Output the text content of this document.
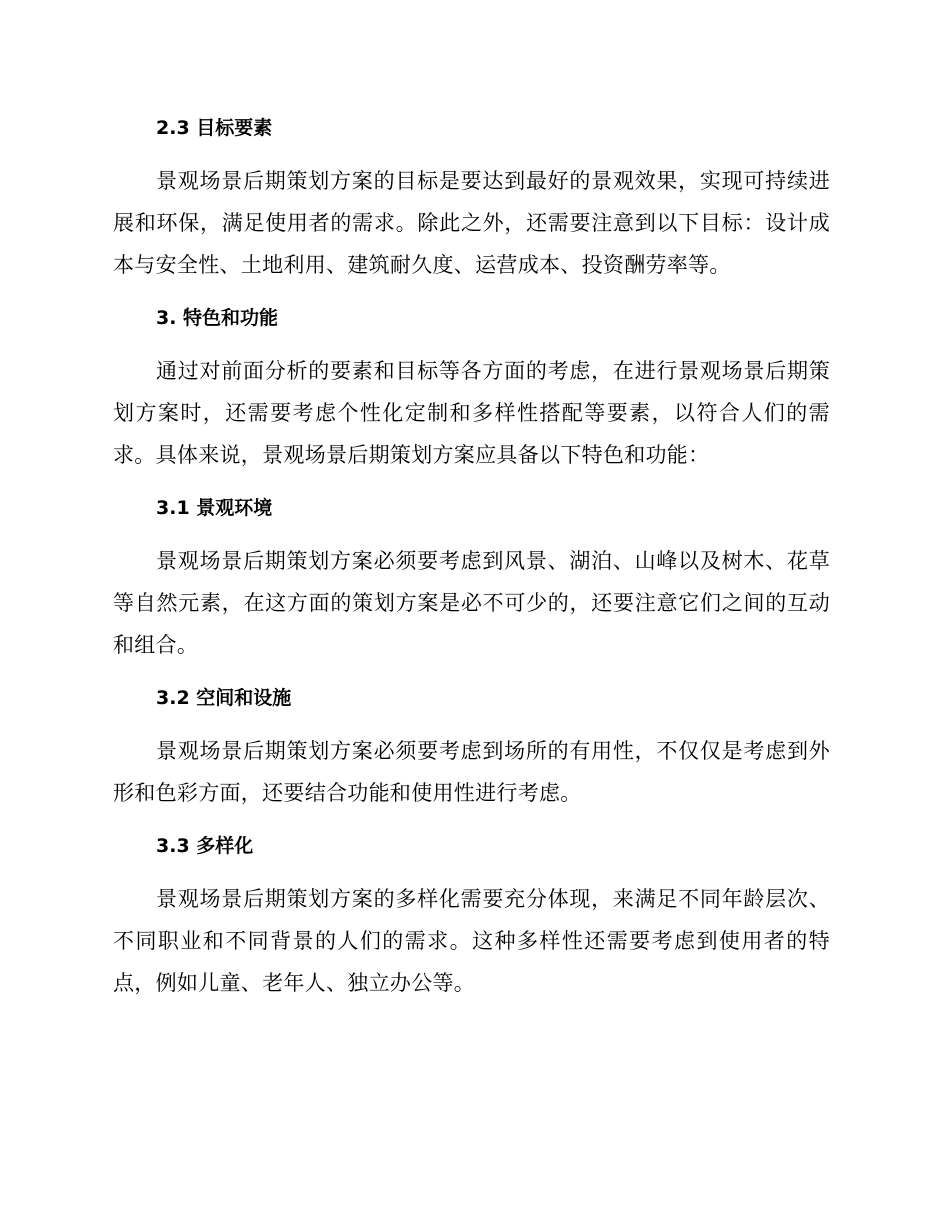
2.3 目标要素

景观场景后期策划方案的目标是要达到最好的景观效果，实现可持续进展和环保，满足使用者的需求。除此之外，还需要注意到以下目标：设计成本与安全性、土地利用、建筑耐久度、运营成本、投资酬劳率等。

3. 特色和功能

通过对前面分析的要素和目标等各方面的考虑，在进行景观场景后期策划方案时，还需要考虑个性化定制和多样性搭配等要素，以符合人们的需求。具体来说，景观场景后期策划方案应具备以下特色和功能：

3.1 景观环境

景观场景后期策划方案必须要考虑到风景、湖泊、山峰以及树木、花草等自然元素，在这方面的策划方案是必不可少的，还要注意它们之间的互动和组合。

3.2 空间和设施

景观场景后期策划方案必须要考虑到场所的有用性，不仅仅是考虑到外形和色彩方面，还要结合功能和使用性进行考虑。

3.3 多样化

景观场景后期策划方案的多样化需要充分体现，来满足不同年龄层次、不同职业和不同背景的人们的需求。这种多样性还需要考虑到使用者的特点，例如儿童、老年人、独立办公等。
